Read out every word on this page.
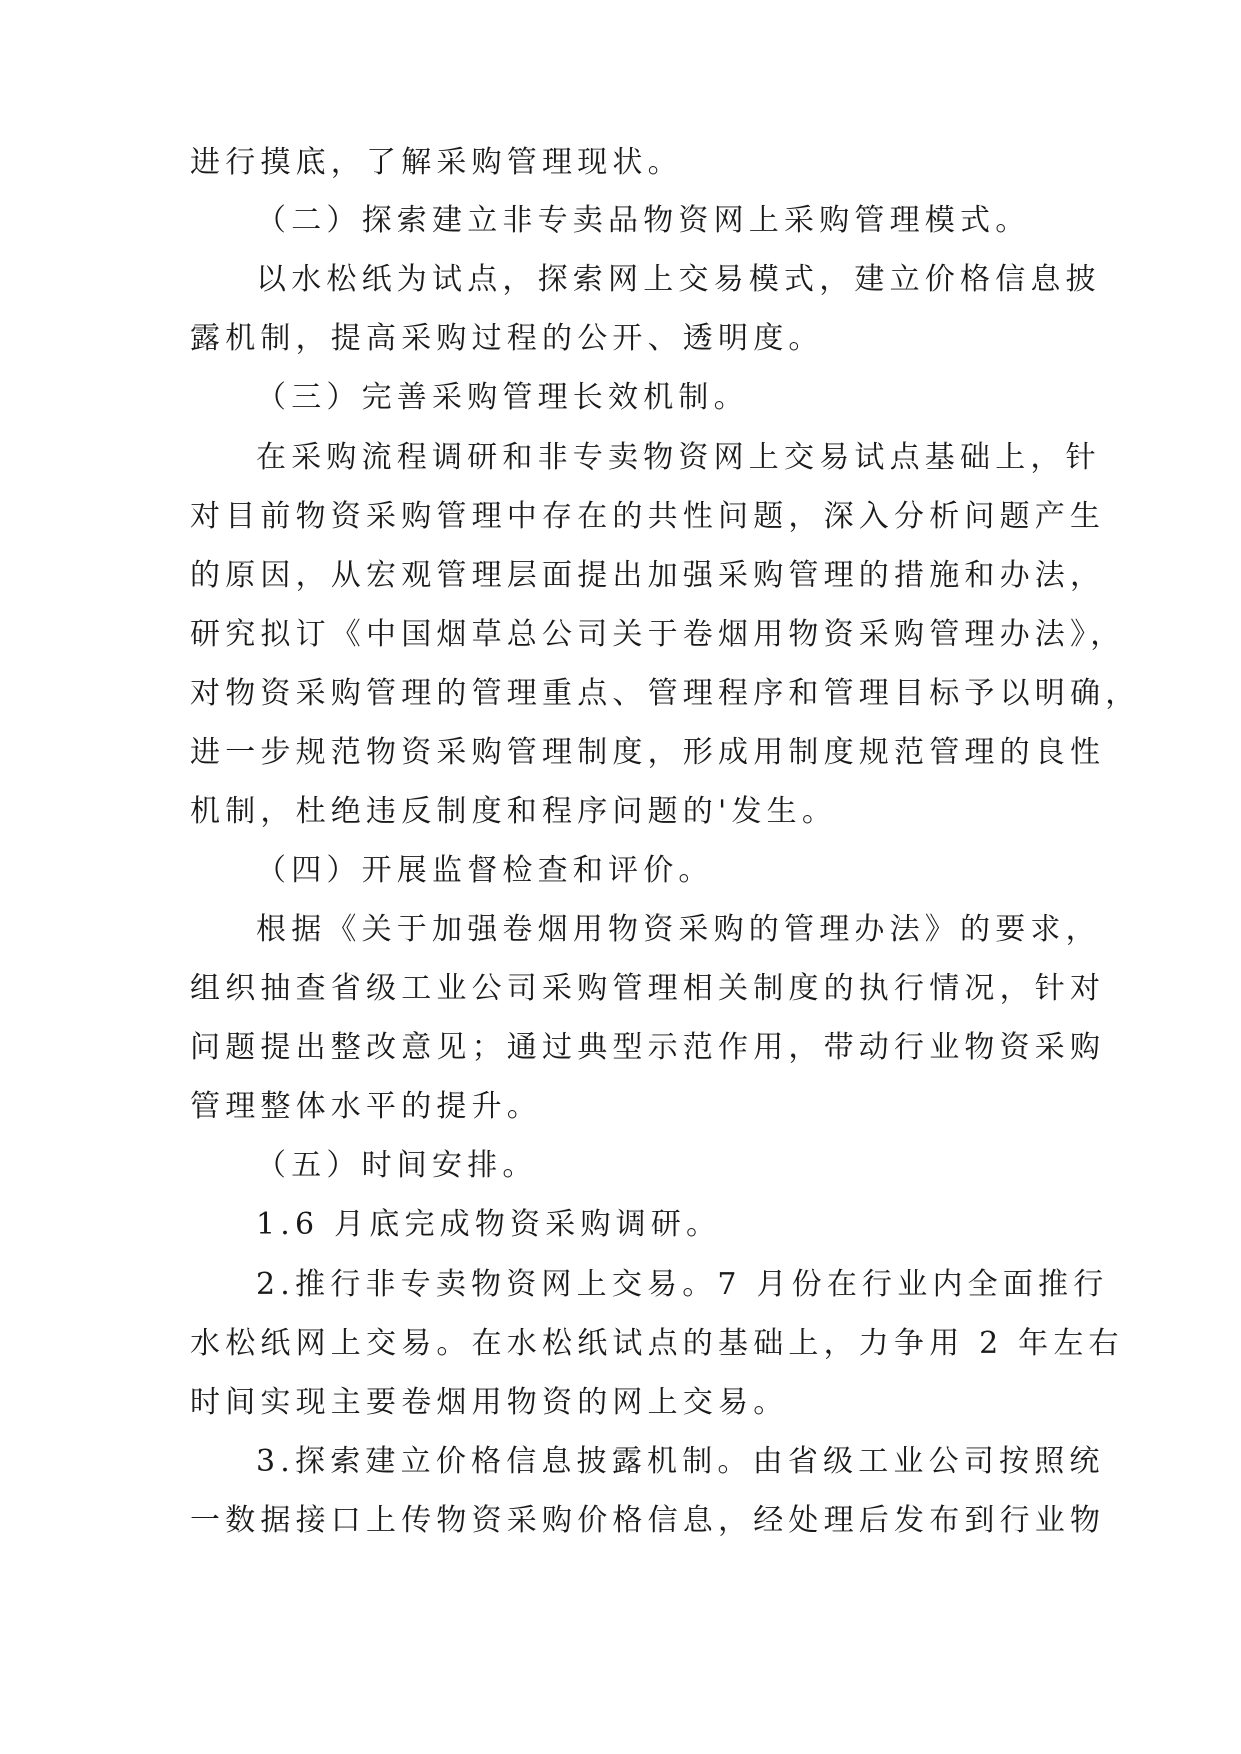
进行摸底，了解采购管理现状。
（二）探索建立非专卖品物资网上采购管理模式。
以水松纸为试点，探索网上交易模式，建立价格信息披
露机制，提高采购过程的公开、透明度。
（三）完善采购管理长效机制。
在采购流程调研和非专卖物资网上交易试点基础上，针
对目前物资采购管理中存在的共性问题，深入分析问题产生
的原因，从宏观管理层面提出加强采购管理的措施和办法，
研究拟订《中国烟草总公司关于卷烟用物资采购管理办法》，
对物资采购管理的管理重点、管理程序和管理目标予以明确，
进一步规范物资采购管理制度，形成用制度规范管理的良性
机制，杜绝违反制度和程序问题的'发生。
（四）开展监督检查和评价。
根据《关于加强卷烟用物资采购的管理办法》的要求，
组织抽查省级工业公司采购管理相关制度的执行情况，针对
问题提出整改意见；通过典型示范作用，带动行业物资采购
管理整体水平的提升。
（五）时间安排。
1.6 月底完成物资采购调研。
2.推行非专卖物资网上交易。7 月份在行业内全面推行
水松纸网上交易。在水松纸试点的基础上，力争用 2 年左右
时间实现主要卷烟用物资的网上交易。
3.探索建立价格信息披露机制。由省级工业公司按照统
一数据接口上传物资采购价格信息，经处理后发布到行业物
